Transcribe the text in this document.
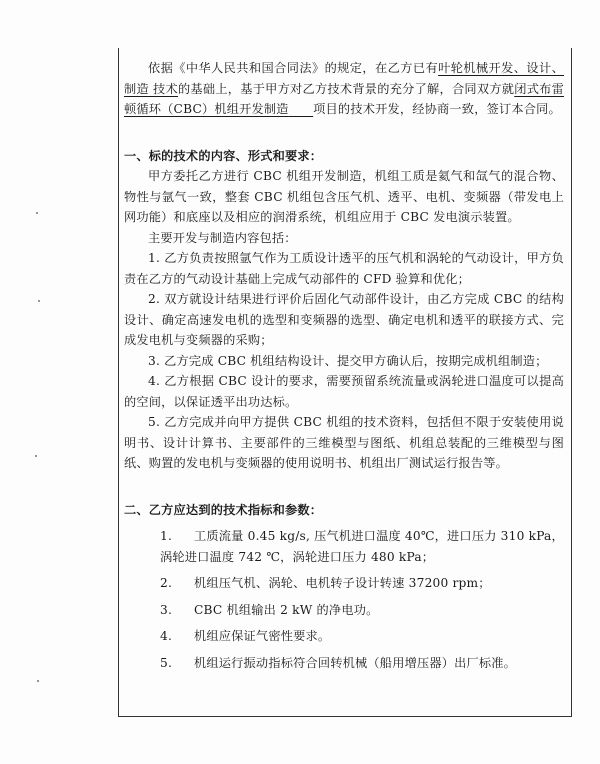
依据《中华人民共和国合同法》的规定，在乙方已有叶轮机械开发、设计、制造 技术的基础上，基于甲方对乙方技术背景的充分了解，合同双方就闭式布雷顿循环（CBC）机组开发制造 项目的技术开发，经协商一致，签订本合同。

一、标的技术的内容、形式和要求：

甲方委托乙方进行 CBC 机组开发制造，机组工质是氦气和氙气的混合物、物性与氩气一致，整套 CBC 机组包含压气机、透平、电机、变频器（带发电上网功能）和底座以及相应的润滑系统，机组应用于 CBC 发电演示装置。

主要开发与制造内容包括：

1. 乙方负责按照氩气作为工质设计透平的压气机和涡轮的气动设计，甲方负责在乙方的气动设计基础上完成气动部件的 CFD 验算和优化；

2. 双方就设计结果进行评价后固化气动部件设计，由乙方完成 CBC 的结构设计、确定高速发电机的选型和变频器的选型、确定电机和透平的联接方式、完成发电机与变频器的采购；

3. 乙方完成 CBC 机组结构设计、提交甲方确认后，按期完成机组制造；

4. 乙方根据 CBC 设计的要求，需要预留系统流量或涡轮进口温度可以提高的空间，以保证透平出功达标。

5. 乙方完成并向甲方提供 CBC 机组的技术资料，包括但不限于安装使用说明书、设计计算书、主要部件的三维模型与图纸、机组总装配的三维模型与图纸、购置的发电机与变频器的使用说明书、机组出厂测试运行报告等。

二、乙方应达到的技术指标和参数：

1. 工质流量 0.45 kg/s, 压气机进口温度 40℃，进口压力 310 kPa，

涡轮进口温度 742 ℃，涡轮进口压力 480 kPa；

2. 机组压气机、涡轮、电机转子设计转速 37200 rpm；

3. CBC 机组输出 2 kW 的净电功。

4. 机组应保证气密性要求。

5. 机组运行振动指标符合回转机械（船用增压器）出厂标准。
